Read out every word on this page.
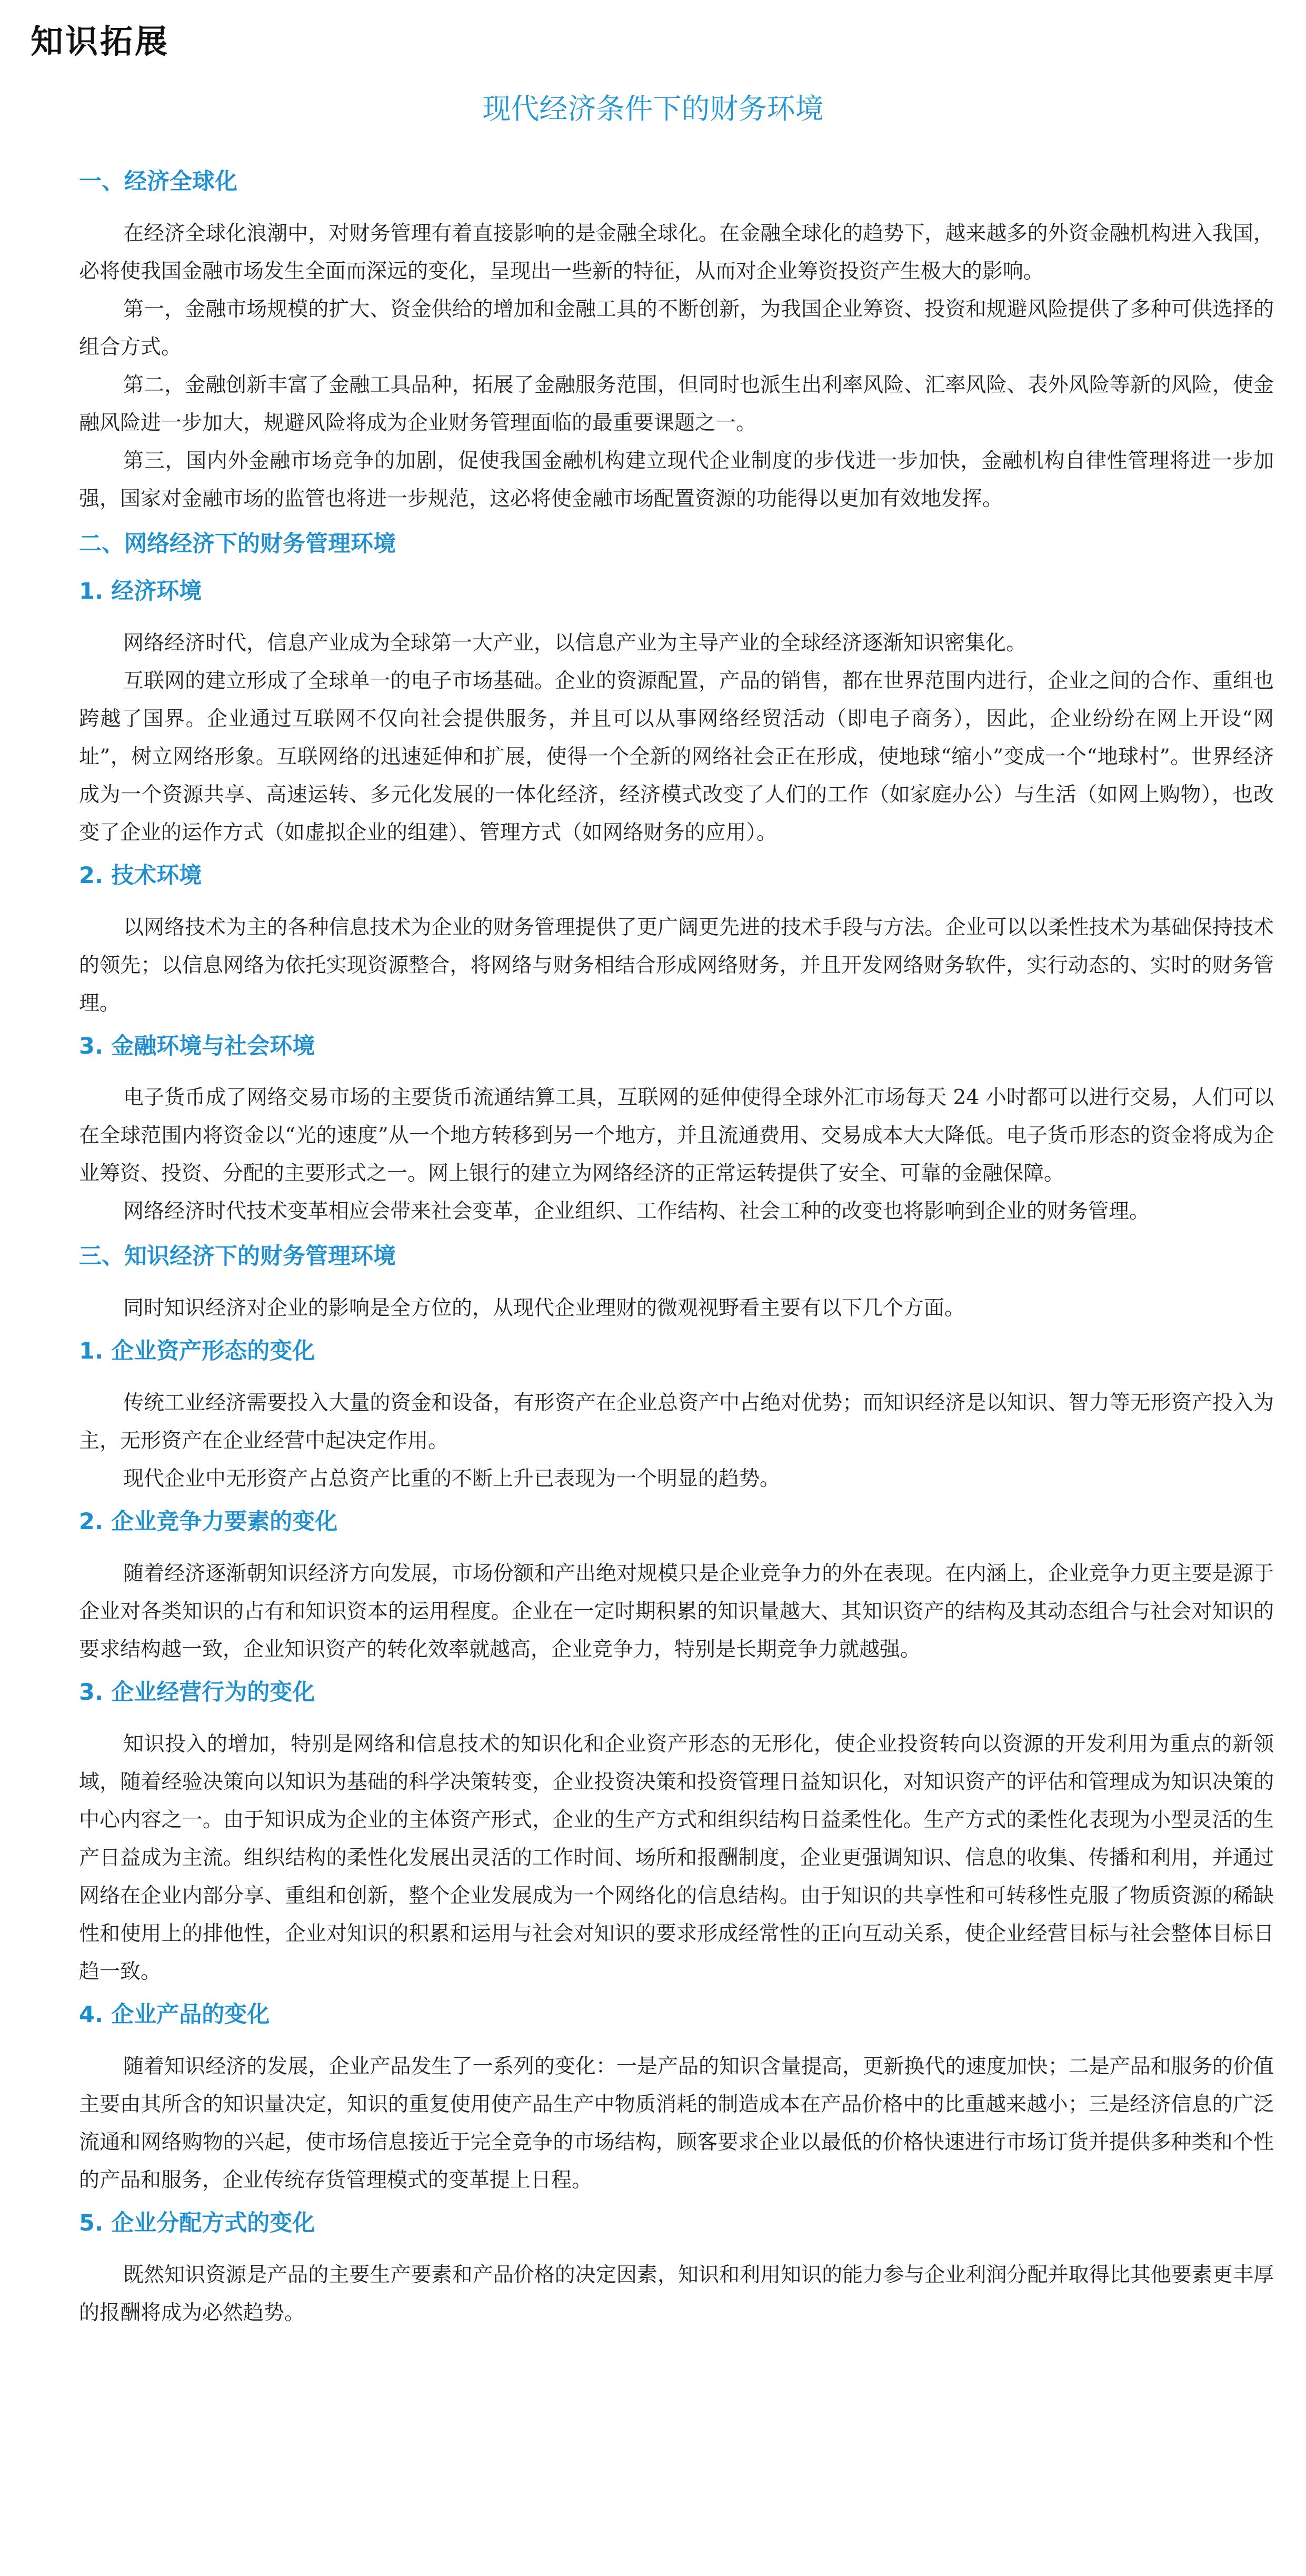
知识拓展
现代经济条件下的财务环境
一、经济全球化

在经济全球化浪潮中，对财务管理有着直接影响的是金融全球化。在金融全球化的趋势下，越来越多的外资金融机构进入我国，必将使我国金融市场发生全面而深远的变化，呈现出一些新的特征，从而对企业筹资投资产生极大的影响。

第一，金融市场规模的扩大、资金供给的增加和金融工具的不断创新，为我国企业筹资、投资和规避风险提供了多种可供选择的组合方式。

第二，金融创新丰富了金融工具品种，拓展了金融服务范围，但同时也派生出利率风险、汇率风险、表外风险等新的风险，使金融风险进一步加大，规避风险将成为企业财务管理面临的最重要课题之一。

第三，国内外金融市场竞争的加剧，促使我国金融机构建立现代企业制度的步伐进一步加快，金融机构自律性管理将进一步加强，国家对金融市场的监管也将进一步规范，这必将使金融市场配置资源的功能得以更加有效地发挥。

二、网络经济下的财务管理环境
1. 经济环境

网络经济时代，信息产业成为全球第一大产业，以信息产业为主导产业的全球经济逐渐知识密集化。

互联网的建立形成了全球单一的电子市场基础。企业的资源配置，产品的销售，都在世界范围内进行，企业之间的合作、重组也跨越了国界。企业通过互联网不仅向社会提供服务，并且可以从事网络经贸活动（即电子商务），因此，企业纷纷在网上开设“网址”，树立网络形象。互联网络的迅速延伸和扩展，使得一个全新的网络社会正在形成，使地球“缩小”变成一个“地球村”。世界经济成为一个资源共享、高速运转、多元化发展的一体化经济，经济模式改变了人们的工作（如家庭办公）与生活（如网上购物），也改变了企业的运作方式（如虚拟企业的组建）、管理方式（如网络财务的应用）。

2. 技术环境

以网络技术为主的各种信息技术为企业的财务管理提供了更广阔更先进的技术手段与方法。企业可以以柔性技术为基础保持技术的领先；以信息网络为依托实现资源整合，将网络与财务相结合形成网络财务，并且开发网络财务软件，实行动态的、实时的财务管理。

3. 金融环境与社会环境

电子货币成了网络交易市场的主要货币流通结算工具，互联网的延伸使得全球外汇市场每天 24 小时都可以进行交易，人们可以在全球范围内将资金以“光的速度”从一个地方转移到另一个地方，并且流通费用、交易成本大大降低。电子货币形态的资金将成为企业筹资、投资、分配的主要形式之一。网上银行的建立为网络经济的正常运转提供了安全、可靠的金融保障。

网络经济时代技术变革相应会带来社会变革，企业组织、工作结构、社会工种的改变也将影响到企业的财务管理。

三、知识经济下的财务管理环境

同时知识经济对企业的影响是全方位的，从现代企业理财的微观视野看主要有以下几个方面。

1. 企业资产形态的变化

传统工业经济需要投入大量的资金和设备，有形资产在企业总资产中占绝对优势；而知识经济是以知识、智力等无形资产投入为主，无形资产在企业经营中起决定作用。

现代企业中无形资产占总资产比重的不断上升已表现为一个明显的趋势。

2. 企业竞争力要素的变化

随着经济逐渐朝知识经济方向发展，市场份额和产出绝对规模只是企业竞争力的外在表现。在内涵上，企业竞争力更主要是源于企业对各类知识的占有和知识资本的运用程度。企业在一定时期积累的知识量越大、其知识资产的结构及其动态组合与社会对知识的要求结构越一致，企业知识资产的转化效率就越高，企业竞争力，特别是长期竞争力就越强。

3. 企业经营行为的变化

知识投入的增加，特别是网络和信息技术的知识化和企业资产形态的无形化，使企业投资转向以资源的开发利用为重点的新领域，随着经验决策向以知识为基础的科学决策转变，企业投资决策和投资管理日益知识化，对知识资产的评估和管理成为知识决策的中心内容之一。由于知识成为企业的主体资产形式，企业的生产方式和组织结构日益柔性化。生产方式的柔性化表现为小型灵活的生产日益成为主流。组织结构的柔性化发展出灵活的工作时间、场所和报酬制度，企业更强调知识、信息的收集、传播和利用，并通过网络在企业内部分享、重组和创新，整个企业发展成为一个网络化的信息结构。由于知识的共享性和可转移性克服了物质资源的稀缺性和使用上的排他性，企业对知识的积累和运用与社会对知识的要求形成经常性的正向互动关系，使企业经营目标与社会整体目标日趋一致。

4. 企业产品的变化

随着知识经济的发展，企业产品发生了一系列的变化：一是产品的知识含量提高，更新换代的速度加快；二是产品和服务的价值主要由其所含的知识量决定，知识的重复使用使产品生产中物质消耗的制造成本在产品价格中的比重越来越小；三是经济信息的广泛流通和网络购物的兴起，使市场信息接近于完全竞争的市场结构，顾客要求企业以最低的价格快速进行市场订货并提供多种类和个性的产品和服务，企业传统存货管理模式的变革提上日程。

5. 企业分配方式的变化

既然知识资源是产品的主要生产要素和产品价格的决定因素，知识和利用知识的能力参与企业利润分配并取得比其他要素更丰厚的报酬将成为必然趋势。
